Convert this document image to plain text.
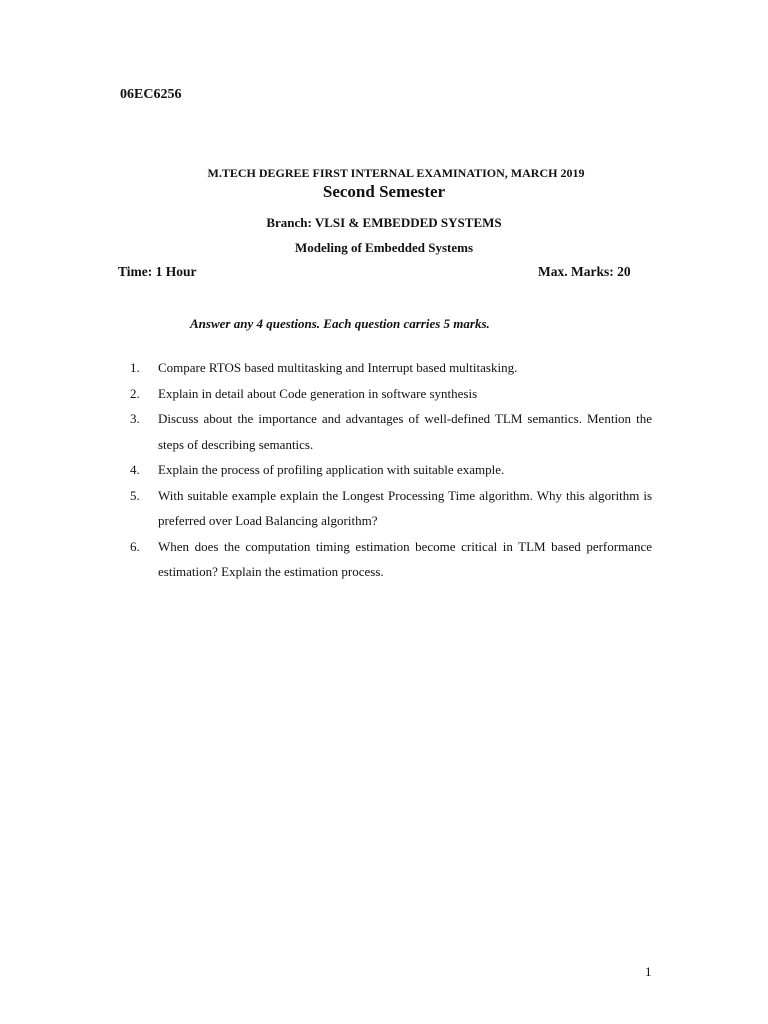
06EC6256
M.TECH DEGREE FIRST INTERNAL EXAMINATION, MARCH 2019
Second Semester
Branch: VLSI & EMBEDDED SYSTEMS
Modeling of Embedded Systems
Time: 1 Hour	Max. Marks: 20
Answer any 4 questions. Each question carries 5 marks.
1.	Compare RTOS based multitasking and Interrupt based multitasking.
2.	Explain in detail about Code generation in software synthesis
3.	Discuss about the importance and advantages of well-defined TLM semantics. Mention the steps of describing semantics.
4.	Explain the process of profiling application with suitable example.
5.	With suitable example explain the Longest Processing Time algorithm. Why this algorithm is preferred over Load Balancing algorithm?
6.	When does the computation timing estimation become critical in TLM based performance estimation? Explain the estimation process.
1
